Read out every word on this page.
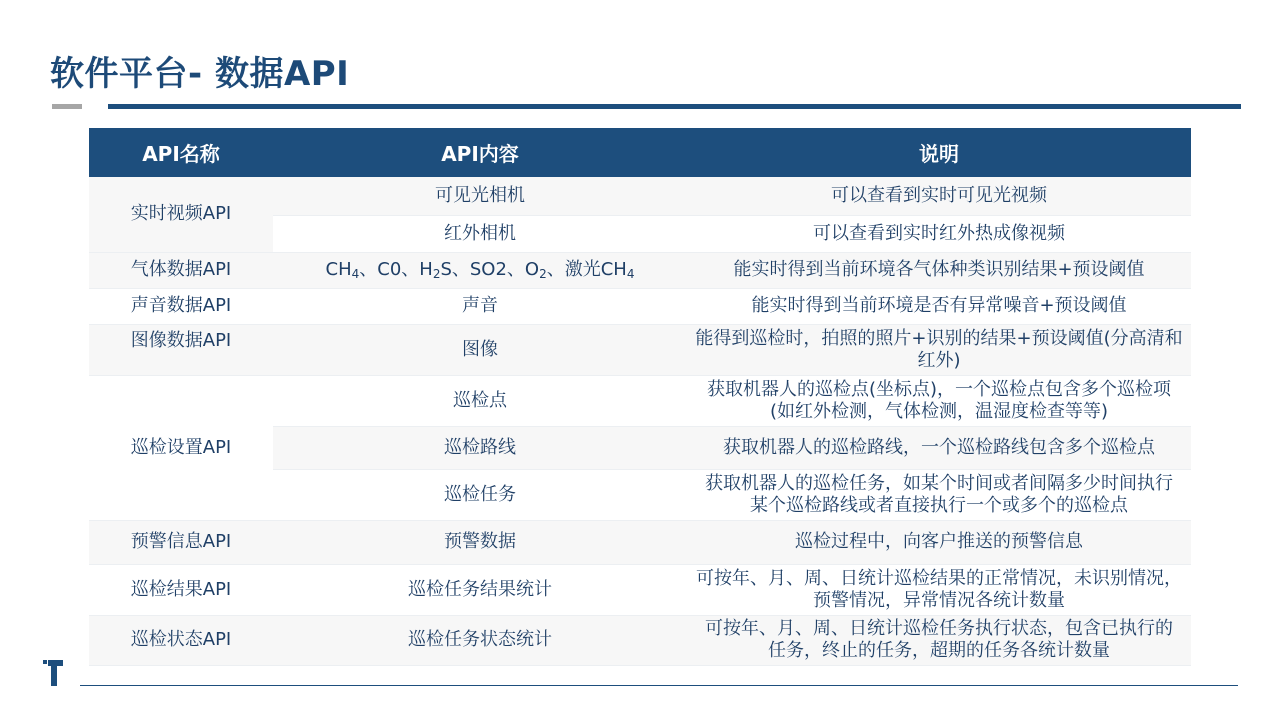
软件平台- 数据API
API名称	API内容	说明
实时视频API	可见光相机	可以查看到实时可见光视频
	红外相机	可以查看到实时红外热成像视频
气体数据API	$CH_4$、C0、$H_2S$、SO2、$O_2$、激光$CH_4$	能实时得到当前环境各气体种类识别结果+预设阈值
声音数据API	声音	能实时得到当前环境是否有异常噪音+预设阈值
图像数据API	图像	能得到巡检时，拍照的照片+识别的结果+预设阈值(分高清和
红外)

巡检设置API	巡检点	获取机器人的巡检点(坐标点)，一个巡检点包含多个巡检项
(如红外检测，气体检测，温湿度检查等等)

	巡检路线	获取机器人的巡检路线，一个巡检路线包含多个巡检点
	巡检任务	获取机器人的巡检任务，如某个时间或者间隔多少时间执行
某个巡检路线或者直接执行一个或多个的巡检点

预警信息API	预警数据	巡检过程中，向客户推送的预警信息
巡检结果API	巡检任务结果统计	可按年、月、周、日统计巡检结果的正常情况，未识别情况，
预警情况，异常情况各统计数量

巡检状态API	巡检任务状态统计	可按年、月、周、日统计巡检任务执行状态，包含已执行的
任务，终止的任务，超期的任务各统计数量
